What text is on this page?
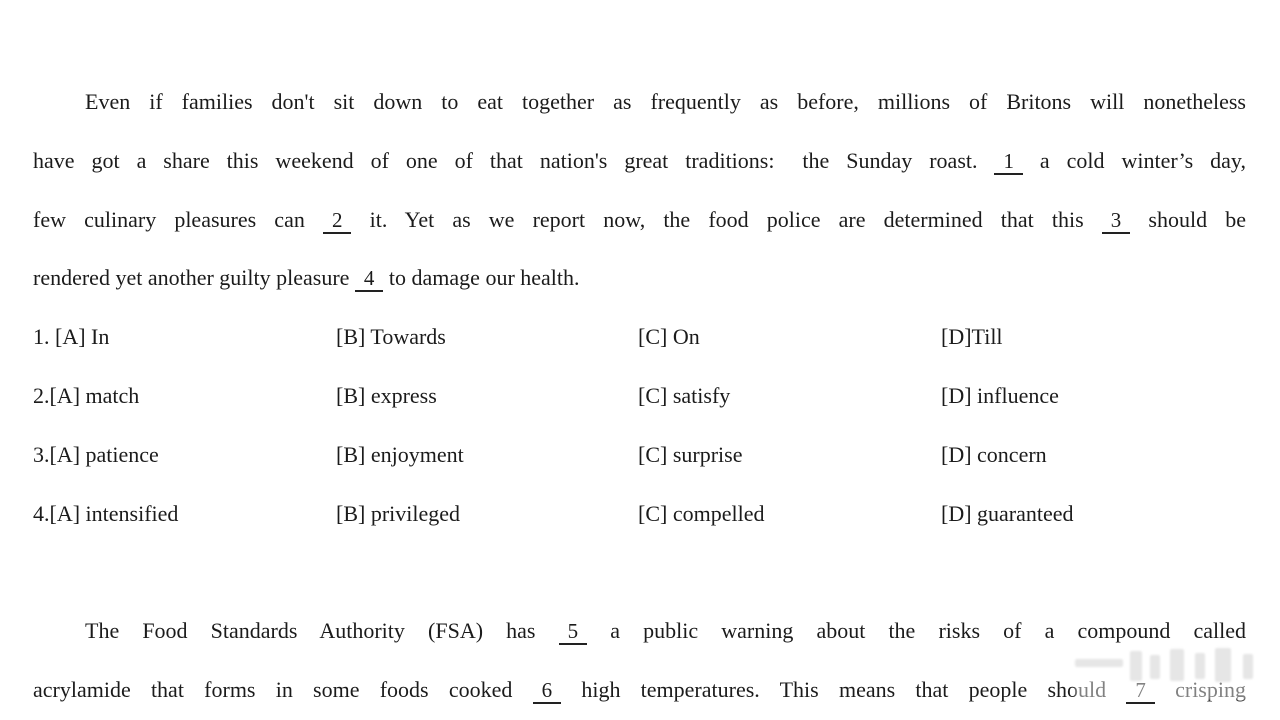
Even if families don't sit down to eat together as frequently as before, millions of Britons will nonetheless
have got a share this weekend of one of that nation's great traditions:  the Sunday roast. 1 a cold winter’s day,
few culinary pleasures can 2 it. Yet as we report now, the food police are determined that this 3 should be
rendered yet another guilty pleasure 4 to damage our health.
1. [A] In	[B] Towards	[C] On	[D]Till
2.[A] match	[B] express	[C] satisfy	[D] influence
3.[A] patience	[B] enjoyment	[C] surprise	[D] concern
4.[A] intensified	[B] privileged	[C] compelled	[D] guaranteed
The Food Standards Authority (FSA) has 5 a public warning about the risks of a compound called
acrylamide that forms in some foods cooked 6 high temperatures. This means that people should 7 crisping
